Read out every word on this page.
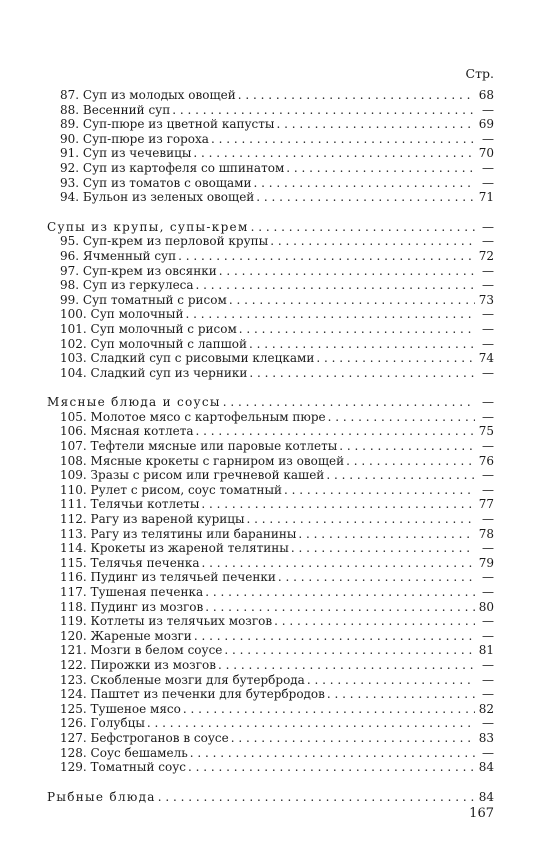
Стр.
87. Суп из молодых овощей . . .	68
88. Весенний суп . . .	—
89. Суп-пюре из цветной капусты . . .	69
90. Суп-пюре из гороха . . .	—
91. Суп из чечевицы . . .	70
92. Суп из картофеля со шпинатом . . .	—
93. Суп из томатов с овощами . . .	—
94. Бульон из зеленых овощей . . .	71
Супы из крупы, супы-крем . . .	—
95. Суп-крем из перловой крупы . . .	—
96. Ячменный суп . . .	72
97. Суп-крем из овсянки . . .	—
98. Суп из геркулеса . . .	—
99. Суп томатный с рисом . . .	73
100. Суп молочный . . .	—
101. Суп молочный с рисом . . .	—
102. Суп молочный с лапшой . . .	—
103. Сладкий суп с рисовыми клецками . . .	74
104. Сладкий суп из черники . . .	—
Мясные блюда и соусы . . .	—
105. Молотое мясо с картофельным пюре . . .	—
106. Мясная котлета . . .	75
107. Тефтели мясные или паровые котлеты . . .	—
108. Мясные крокеты с гарниром из овощей . . .	76
109. Зразы с рисом или гречневой кашей . . .	—
110. Рулет с рисом, соус томатный . . .	—
111. Телячьи котлеты . . .	77
112. Рагу из вареной курицы . . .	—
113. Рагу из телятины или баранины . . .	78
114. Крокеты из жареной телятины . . .	—
115. Телячья печенка . . .	79
116. Пудинг из телячьей печенки . . .	—
117. Тушеная печенка . . .	—
118. Пудинг из мозгов . . .	80
119. Котлеты из телячьих мозгов . . .	—
120. Жареные мозги . . .	—
121. Мозги в белом соусе . . .	81
122. Пирожки из мозгов . . .	—
123. Скобленые мозги для бутерброда . . .	—
124. Паштет из печенки для бутербродов . . .	—
125. Тушеное мясо . . .	82
126. Голубцы . . .	—
127. Бефстроганов в соусе . . .	83
128. Соус бешамель . . .	—
129. Томатный соус . . .	84
Рыбные блюда . . .	84
167
